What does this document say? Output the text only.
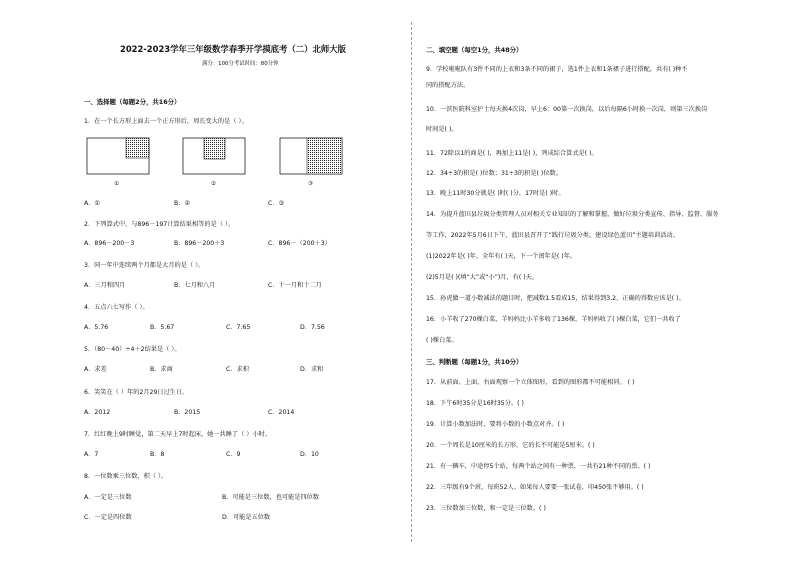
2022-2023学年三年级数学春季开学摸底考（二）北师大版
满分：100分考试时间：80分钟
一、选择题（每题2分，共16分）
1．在一个长方形上面去一个正方形后，周长变大的是（ ）。
①	②	③
A．①	B．②	C．③
2．下列算式中，与896－197计算结果相等的是（ ）。
A．896－200－3	B．896－200＋3	C．896－（200＋3）
3．同一年中连续两个月都是大月的是（ ）。
A．三月和四月	B．七月和八月	C．十一月和十二月
4．五点六七写作（ ）。
A．5.76	B．5.67	C．7.65	D．7.56
5．（80－40）÷4＋2结果是（ ）。
A．求差	B．求商	C．求积	D．求和
6．笑笑在（ ）年的2月29日过生日。
A．2012	B．2015	C．2014
7．红红晚上9时睡觉，第二天早上7时起床，她一共睡了（ ）小时。
A．7	B．8	C．9	D．10
8．一位数乘三位数，积（ ）。
A．一定是三位数	B．可能是三位数，也可能是四位数
C．一定是四位数	D．可能是五位数
二、填空题（每空1分，共48分）
9．学校啦啦队有3件不同的上衣和3条不同的裙子，选1件上衣和1条裙子进行搭配，共有( )种不
同的搭配方法。
10．一滨医院科室护士每天换4次岗，早上6：00第一次换岗，以后每隔6小时换一次岗，则第三次换岗
时间是( )。
11．72除以1的商是( )，再加上11是( )，列成综合算式是( )。
12．34÷3的积是( )位数；31÷3的积是( )位数。
13．晚上11时30分就是( )时( )分，17时是( )时。
14．为提升蓝田县垃圾分类管理人员对相关专业知识的了解和掌握，做好垃圾分类宣传、指导、监督、服务
等工作，2022年5月6日下午，蓝田县召开了“践行垃圾分类，建设绿色蓝田”主题培训活动。
(1)2022年是( )年，全年有( )天，下一个闰年是( )年。
(2)5月是( )(填“大”或“小”)月，有( )天。
15．孙虎做一道小数减法的题目时，把减数1.5看成15，结果得到3.2，正确的得数应该是( )。
16．小羊收了270棵白菜，羊妈妈比小羊多收了136棵，羊妈妈收了( )棵白菜，它们一共收了
( )棵白菜。
三、判断题（每题1分，共10分）
17．从前面、上面、右面观察一个立体图形，看到的图形都不可能相同。 ( )
18．下午6时35分是16时35分。( )
19．计算小数加法时，要将小数的小数点对齐。( )
20．一个周长是10厘米的长方形，它的长不可能是5厘米。( )
21．有一辆车，中途停5个站，每两个站之间有一种票，一共有21种不同的票。( )
22．三年级有9个班，每班52人。如果每人要要一张试卷，印450张不够用。( )
23．三位数加三位数，和一定是三位数。( )
